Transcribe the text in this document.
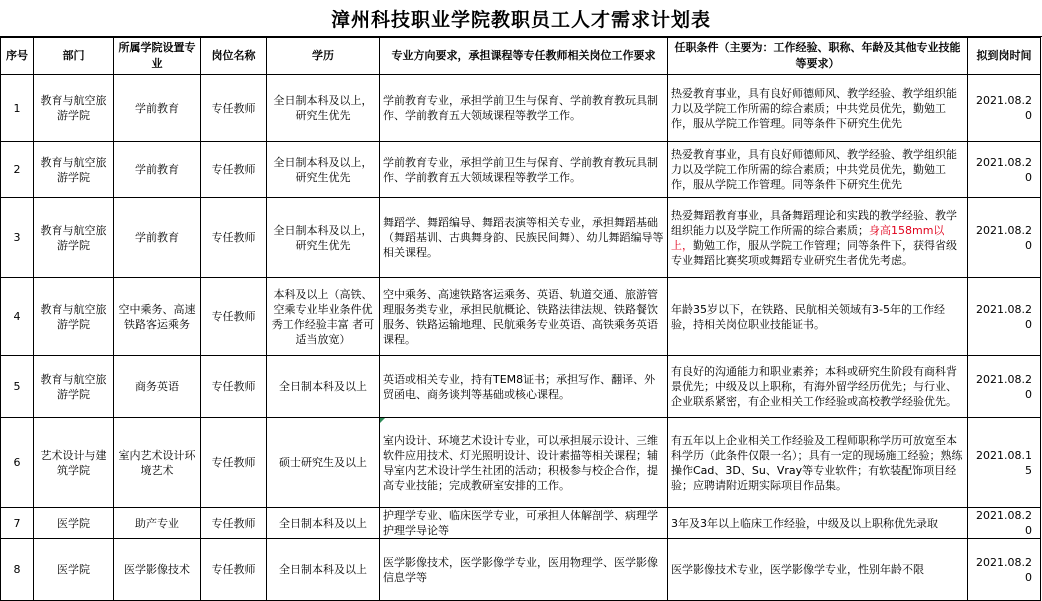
漳州科技职业学院教职员工人才需求计划表
序号	部门	所属学院设置专业	岗位名称	学历	专业方向要求，承担课程等专任教师相关岗位工作要求	任职条件（主要为：工作经验、职称、年龄及其他专业技能等要求）	拟到岗时间
1	教育与航空旅游学院	学前教育	专任教师	全日制本科及以上，研究生优先	学前教育专业，承担学前卫生与保育、学前教育教玩具制作、学前教育五大领域课程等教学工作。	热爱教育事业，具有良好师德师风、教学经验、教学组织能力以及学院工作所需的综合素质；中共党员优先，勤勉工作，服从学院工作管理。同等条件下研究生优先	2021.08.20
2	教育与航空旅游学院	学前教育	专任教师	全日制本科及以上，研究生优先	学前教育专业，承担学前卫生与保育、学前教育教玩具制作、学前教育五大领域课程等教学工作。	热爱教育事业，具有良好师德师风、教学经验、教学组织能力以及学院工作所需的综合素质；中共党员优先，勤勉工作，服从学院工作管理。同等条件下研究生优先	2021.08.20
3	教育与航空旅游学院	学前教育	专任教师	全日制本科及以上，研究生优先	舞蹈学、舞蹈编导、舞蹈表演等相关专业，承担舞蹈基础（舞蹈基训、古典舞身韵、民族民间舞）、幼儿舞蹈编导等相关课程。	热爱舞蹈教育事业，具备舞蹈理论和实践的教学经验、教学组织能力以及学院工作所需的综合素质；身高158mm以上，勤勉工作，服从学院工作管理；同等条件下，获得省级专业舞蹈比赛奖项或舞蹈专业研究生者优先考虑。	2021.08.20
4	教育与航空旅游学院	空中乘务、高速铁路客运乘务	专任教师	本科及以上（高铁、空乘专业毕业条件优秀工作经验丰富 者可适当放宽）	空中乘务、高速铁路客运乘务、英语、轨道交通、旅游管理服务类专业，承担民航概论、铁路法律法规、铁路餐饮服务、铁路运输地理、民航乘务专业英语、高铁乘务英语课程。	年龄35岁以下，在铁路、民航相关领域有3-5年的工作经验，持相关岗位职业技能证书。	2021.08.20
5	教育与航空旅游学院	商务英语	专任教师	全日制本科及以上	英语或相关专业，持有TEM8证书；承担写作、翻译、外贸函电、商务谈判等基础或核心课程。	有良好的沟通能力和职业素养；本科或研究生阶段有商科背景优先；中级及以上职称，有海外留学经历优先；与行业、企业联系紧密，有企业相关工作经验或高校教学经验优先。	2021.08.20
6	艺术设计与建筑学院	室内艺术设计环境艺术	专任教师	硕士研究生及以上	室内设计、环境艺术设计专业，可以承担展示设计、三维软件应用技术、灯光照明设计、设计素描等相关课程；辅导室内艺术设计学生社团的活动；积极参与校企合作，提高专业技能；完成教研室安排的工作。	有五年以上企业相关工作经验及工程师职称学历可放宽至本科学历（此条件仅限一名）；具有一定的现场施工经验；熟练操作Cad、3D、Su、Vray等专业软件；有软装配饰项目经验；应聘请附近期实际项目作品集。	2021.08.15
7	医学院	助产专业	专任教师	全日制本科及以上	护理学专业、临床医学专业，可承担人体解剖学、病理学护理学导论等	3年及3年以上临床工作经验，中级及以上职称优先录取	2021.08.20
8	医学院	医学影像技术	专任教师	全日制本科及以上	医学影像技术，医学影像学专业，医用物理学、医学影像信息学等	医学影像技术专业，医学影像学专业，性别年龄不限	2021.08.20
